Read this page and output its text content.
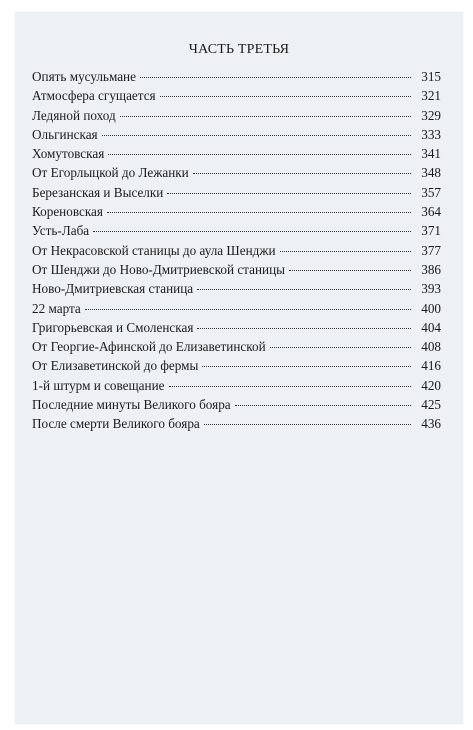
ЧАСТЬ ТРЕТЬЯ
Опять мусульмане	315
Атмосфера сгущается	321
Ледяной поход	329
Ольгинская	333
Хомутовская	341
От Егорлыцкой до Лежанки	348
Березанская и Выселки	357
Кореновская	364
Усть-Лаба	371
От Некрасовской станицы до аула Шенджи	377
От Шенджи до Ново-Дмитриевской станицы	386
Ново-Дмитриевская станица	393
22 марта	400
Григорьевская и Смоленская	404
От Георгие-Афинской до Елизаветинской	408
От Елизаветинской до фермы	416
1-й штурм и совещание	420
Последние минуты Великого бояра	425
После смерти Великого бояра	436
